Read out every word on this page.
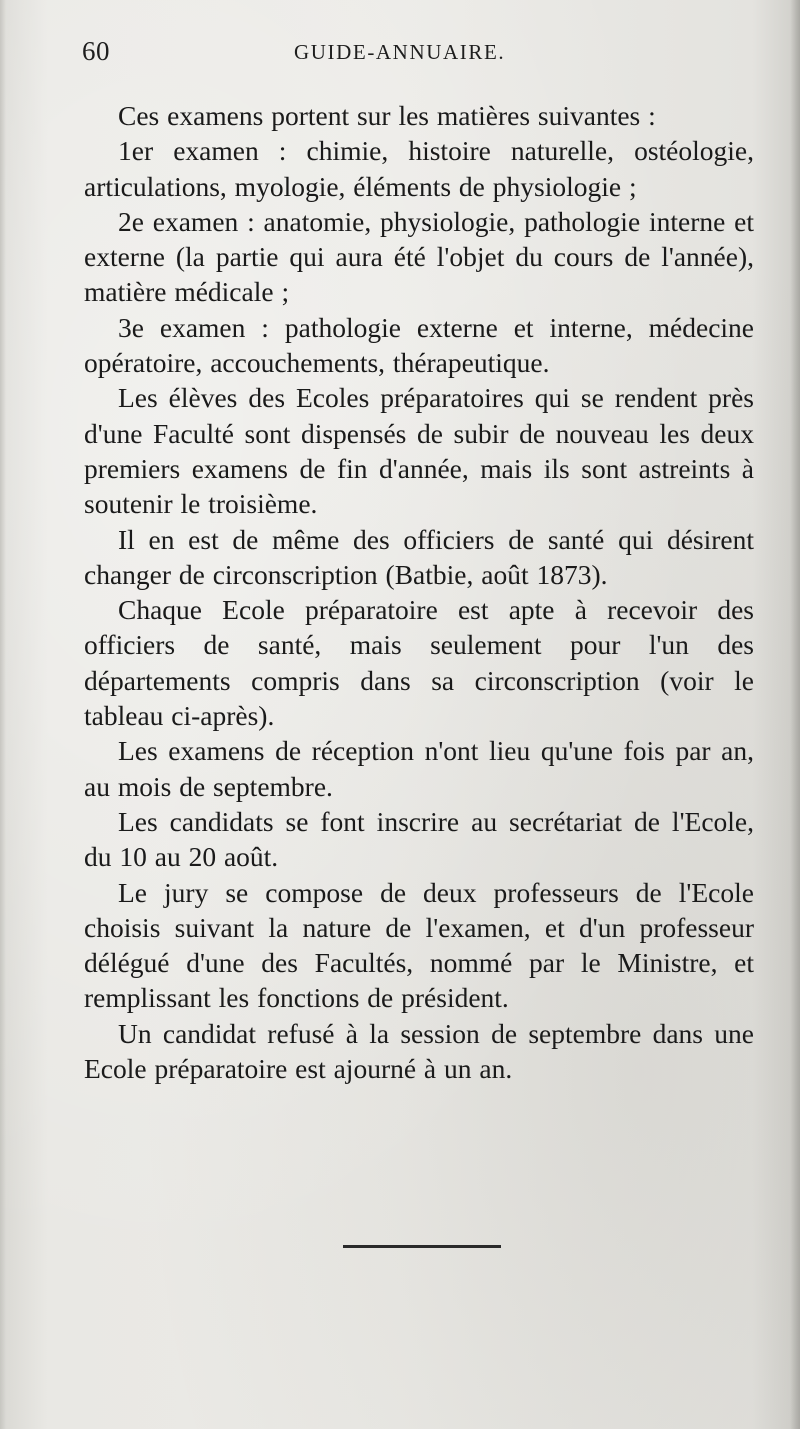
60	GUIDE-ANNUAIRE.

Ces examens portent sur les matières suivantes :

1er examen : chimie, histoire naturelle, ostéologie, articulations, myologie, éléments de physiologie ;

2e examen : anatomie, physiologie, pathologie interne et externe (la partie qui aura été l'objet du cours de l'année), matière médicale ;

3e examen : pathologie externe et interne, médecine opératoire, accouchements, thérapeutique.

Les élèves des Ecoles préparatoires qui se rendent près d'une Faculté sont dispensés de subir de nouveau les deux premiers examens de fin d'année, mais ils sont astreints à soutenir le troisième.

Il en est de même des officiers de santé qui désirent changer de circonscription (Batbie, août 1873).

Chaque Ecole préparatoire est apte à recevoir des officiers de santé, mais seulement pour l'un des départements compris dans sa circonscription (voir le tableau ci-après).

Les examens de réception n'ont lieu qu'une fois par an, au mois de septembre.

Les candidats se font inscrire au secrétariat de l'Ecole, du 10 au 20 août.

Le jury se compose de deux professeurs de l'Ecole choisis suivant la nature de l'examen, et d'un professeur délégué d'une des Facultés, nommé par le Ministre, et remplissant les fonctions de président.

Un candidat refusé à la session de septembre dans une Ecole préparatoire est ajourné à un an.
